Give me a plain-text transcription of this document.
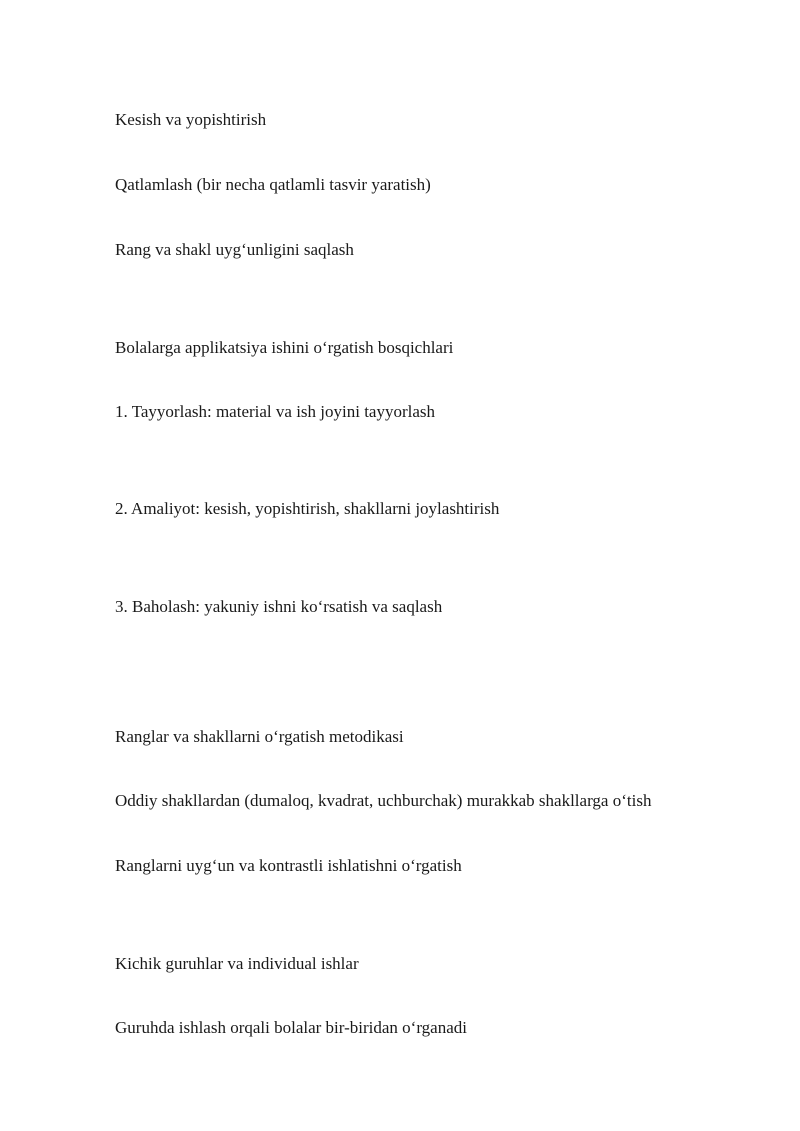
Kesish va yopishtirish
Qatlamlash (bir necha qatlamli tasvir yaratish)
Rang va shakl uyg‘unligini saqlash
Bolalarga applikatsiya ishini o‘rgatish bosqichlari
1. Tayyorlash: material va ish joyini tayyorlash
2. Amaliyot: kesish, yopishtirish, shakllarni joylashtirish
3. Baholash: yakuniy ishni ko‘rsatish va saqlash
Ranglar va shakllarni o‘rgatish metodikasi
Oddiy shakllardan (dumaloq, kvadrat, uchburchak) murakkab shakllarga o‘tish
Ranglarni uyg‘un va kontrastli ishlatishni o‘rgatish
Kichik guruhlar va individual ishlar
Guruhda ishlash orqali bolalar bir-biridan o‘rganadi
